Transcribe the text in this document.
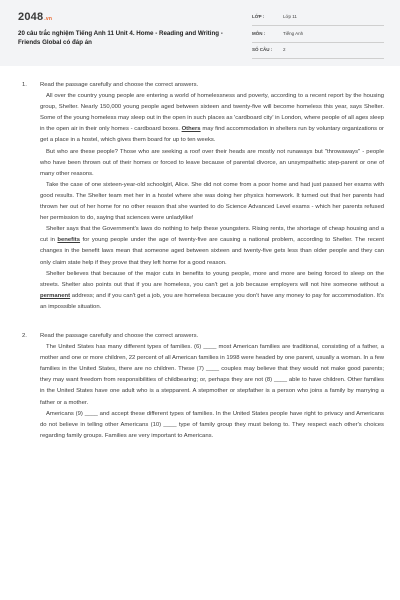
2048.vn
20 câu trắc nghiệm Tiếng Anh 11 Unit 4. Home - Reading and Writing - Friends Global có đáp án
LỚP :	Lớp 11
MÔN :	Tiếng Anh
SỐ CÂU : 2
1. Read the passage carefully and choose the correct answers.

All over the country young people are entering a world of homelessness and poverty, according to a recent report by the housing group, Shelter. Nearly 150,000 young people aged between sixteen and twenty-five will become homeless this year, says Shelter. Some of the young homeless may sleep out in the open in such places as 'cardboard city' in London, where people of all ages sleep in the open air in their only homes - cardboard boxes. Others may find accommodation in shelters run by voluntary organizations or get a place in a hostel, which gives them board for up to ten weeks.

But who are these people? Those who are seeking a roof over their heads are mostly not runaways but "throwaways" - people who have been thrown out of their homes or forced to leave because of parental divorce, an unsympathetic step-parent or one of many other reasons.

Take the case of one sixteen-year-old schoolgirl, Alice. She did not come from a poor home and had just passed her exams with good results. The Shelter team met her in a hostel where she was doing her physics homework. It turned out that her parents had thrown her out of her home for no other reason that she wanted to do Science Advanced Level exams - which her parents refused her permission to do, saying that sciences were unladylike!

Shelter says that the Government's laws do nothing to help these youngsters. Rising rents, the shortage of cheap housing and a cut in benefits for young people under the age of twenty-five are causing a national problem, according to Shelter. The recent changes in the benefit laws mean that someone aged between sixteen and twenty-five gets less than older people and they can only claim state help if they prove that they left home for a good reason.

Shelter believes that because of the major cuts in benefits to young people, more and more are being forced to sleep on the streets. Shelter also points out that if you are homeless, you can't get a job because employers will not hire someone without a permanent address; and if you can't get a job, you are homeless because you don't have any money to pay for accommodation. It's an impossible situation.

2. Read the passage carefully and choose the correct answers.

The United States has many different types of families. (6) ____ most American families are traditional, consisting of a father, a mother and one or more children, 22 percent of all American families in 1998 were headed by one parent, usually a woman. In a few families in the United States, there are no children. These (7) ____ couples may believe that they would not make good parents; they may want freedom from responsibilities of childbearing; or, perhaps they are not (8) ____ able to have children. Other families in the United States have one adult who is a stepparent. A stepmother or stepfather is a person who joins a family by marrying a father or a mother.

Americans (9) ____ and accept these different types of families. In the United States people have right to privacy and Americans do not believe in telling other Americans (10) ____ type of family group they must belong to. They respect each other's choices regarding family groups. Families are very important to Americans.
